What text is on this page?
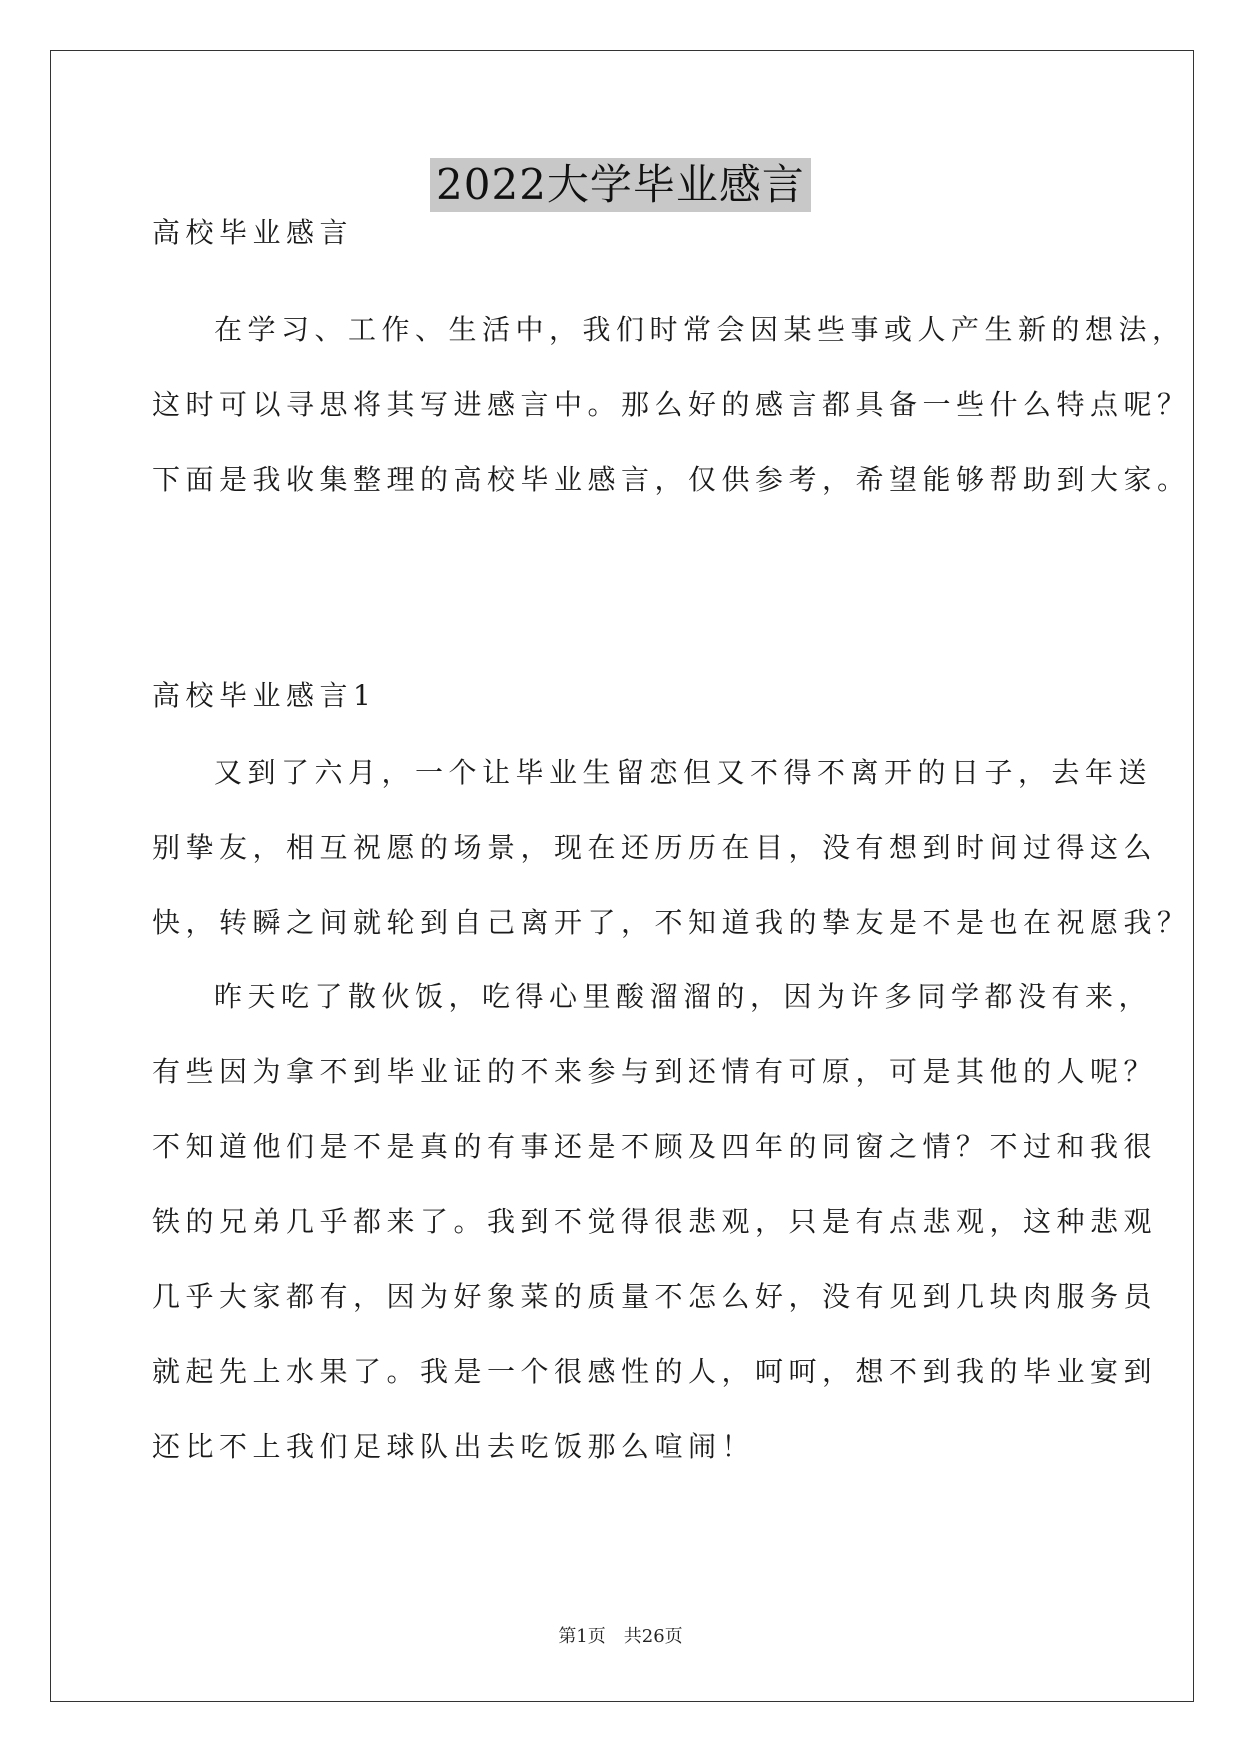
2022大学毕业感言
高校毕业感言
在学习、工作、生活中，我们时常会因某些事或人产生新的想法，
这时可以寻思将其写进感言中。那么好的感言都具备一些什么特点呢？
下面是我收集整理的高校毕业感言，仅供参考，希望能够帮助到大家。
高校毕业感言1
又到了六月，一个让毕业生留恋但又不得不离开的日子，去年送
别挚友，相互祝愿的场景，现在还历历在目，没有想到时间过得这么
快，转瞬之间就轮到自己离开了，不知道我的挚友是不是也在祝愿我？
昨天吃了散伙饭，吃得心里酸溜溜的，因为许多同学都没有来，
有些因为拿不到毕业证的不来参与到还情有可原，可是其他的人呢？
不知道他们是不是真的有事还是不顾及四年的同窗之情？不过和我很
铁的兄弟几乎都来了。我到不觉得很悲观，只是有点悲观，这种悲观
几乎大家都有，因为好象菜的质量不怎么好，没有见到几块肉服务员
就起先上水果了。我是一个很感性的人，呵呵，想不到我的毕业宴到
还比不上我们足球队出去吃饭那么喧闹！
第1页 共26页
